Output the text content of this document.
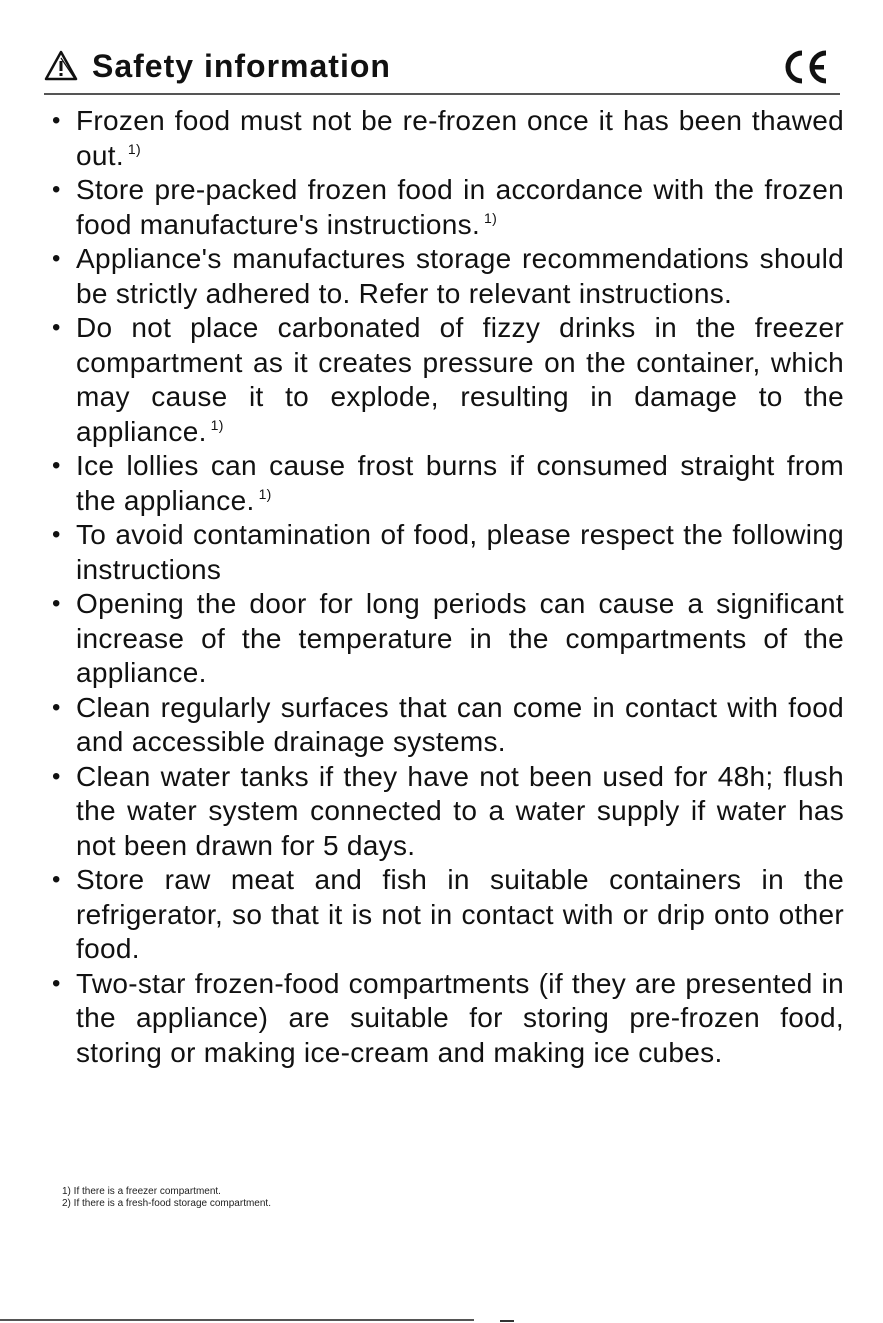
Safety information

• Frozen food must not be re-frozen once it has been thawed out. $^{1)}$

• Store pre-packed frozen food in accordance with the frozen food manufacture's instructions. $^{1)}$

• Appliance's manufactures storage recommendations should be strictly adhered to. Refer to relevant instructions.

• Do not place carbonated of fizzy drinks in the freezer compartment as it creates pressure on the container, which may cause it to explode, resulting in damage to the appliance. $^{1)}$

• Ice lollies can cause frost burns if consumed straight from the appliance. $^{1)}$

• To avoid contamination of food, please respect the following instructions

• Opening the door for long periods can cause a significant increase of the temperature in the compartments of the appliance.

• Clean regularly surfaces that can come in contact with food and accessible drainage systems.

• Clean water tanks if they have not been used for 48h; flush the water system connected to a water supply if water has not been drawn for 5 days.

• Store raw meat and fish in suitable containers in the refrigerator, so that it is not in contact with or drip onto other food.

• Two-star frozen-food compartments (if they are presented in the appliance) are suitable for storing pre-frozen food, storing or making ice-cream and making ice cubes.

1) If there is a freezer compartment.
2) If there is a fresh-food storage compartment.
